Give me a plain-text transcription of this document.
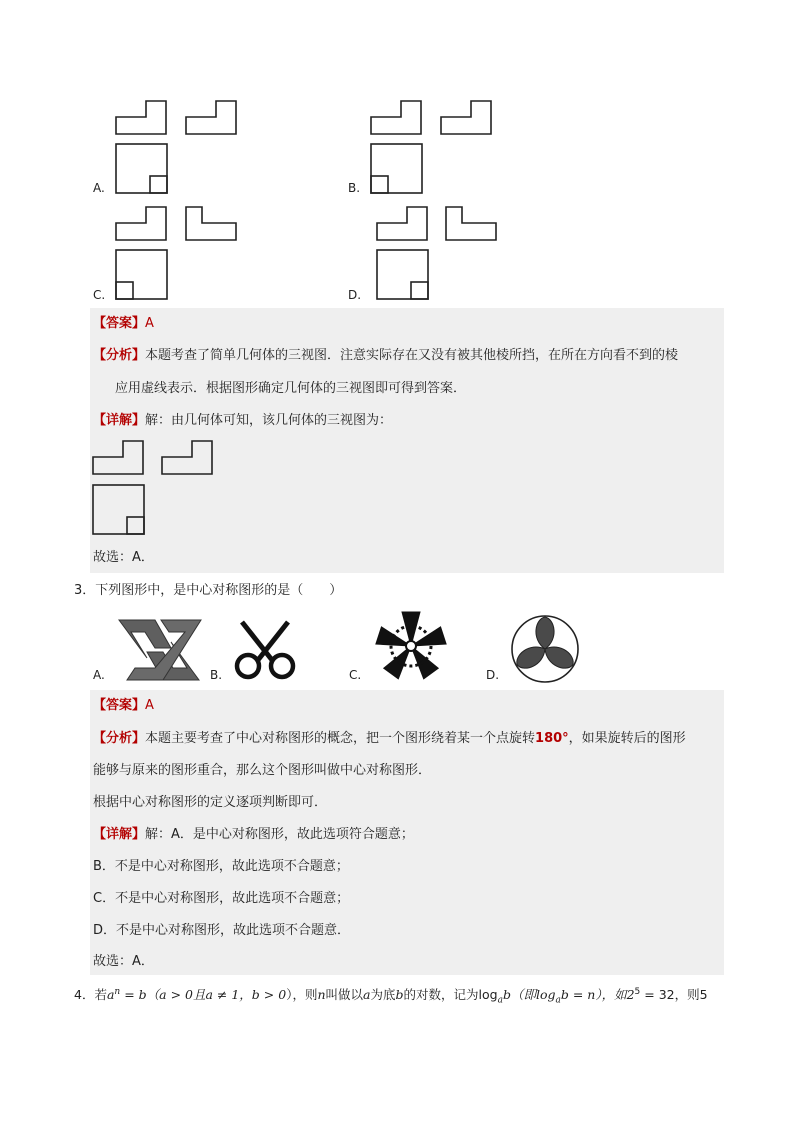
A.	B.
C.	D.
【答案】A
【分析】本题考查了简单几何体的三视图．注意实际存在又没有被其他棱所挡，在所在方向看不到的棱
应用虚线表示．根据图形确定几何体的三视图即可得到答案．
【详解】解：由几何体可知，该几何体的三视图为：
故选：A．
3．下列图形中，是中心对称图形的是（　　）
A.	B.	C.	D.
【答案】A
【分析】本题主要考查了中心对称图形的概念，把一个图形绕着某一个点旋转180°，如果旋转后的图形
能够与原来的图形重合，那么这个图形叫做中心对称图形．
根据中心对称图形的定义逐项判断即可．
【详解】解：A．是中心对称图形，故此选项符合题意；
B．不是中心对称图形，故此选项不合题意；
C．不是中心对称图形，故此选项不合题意；
D．不是中心对称图形，故此选项不合题意．
故选：A．
4．若$a^n = b(a > 0$且a ≠ 1，b > 0），则n叫做以a为底b的对数，记为$\log_ab$（即$\log_ab = n$），如$2^5 = 32$，则5
